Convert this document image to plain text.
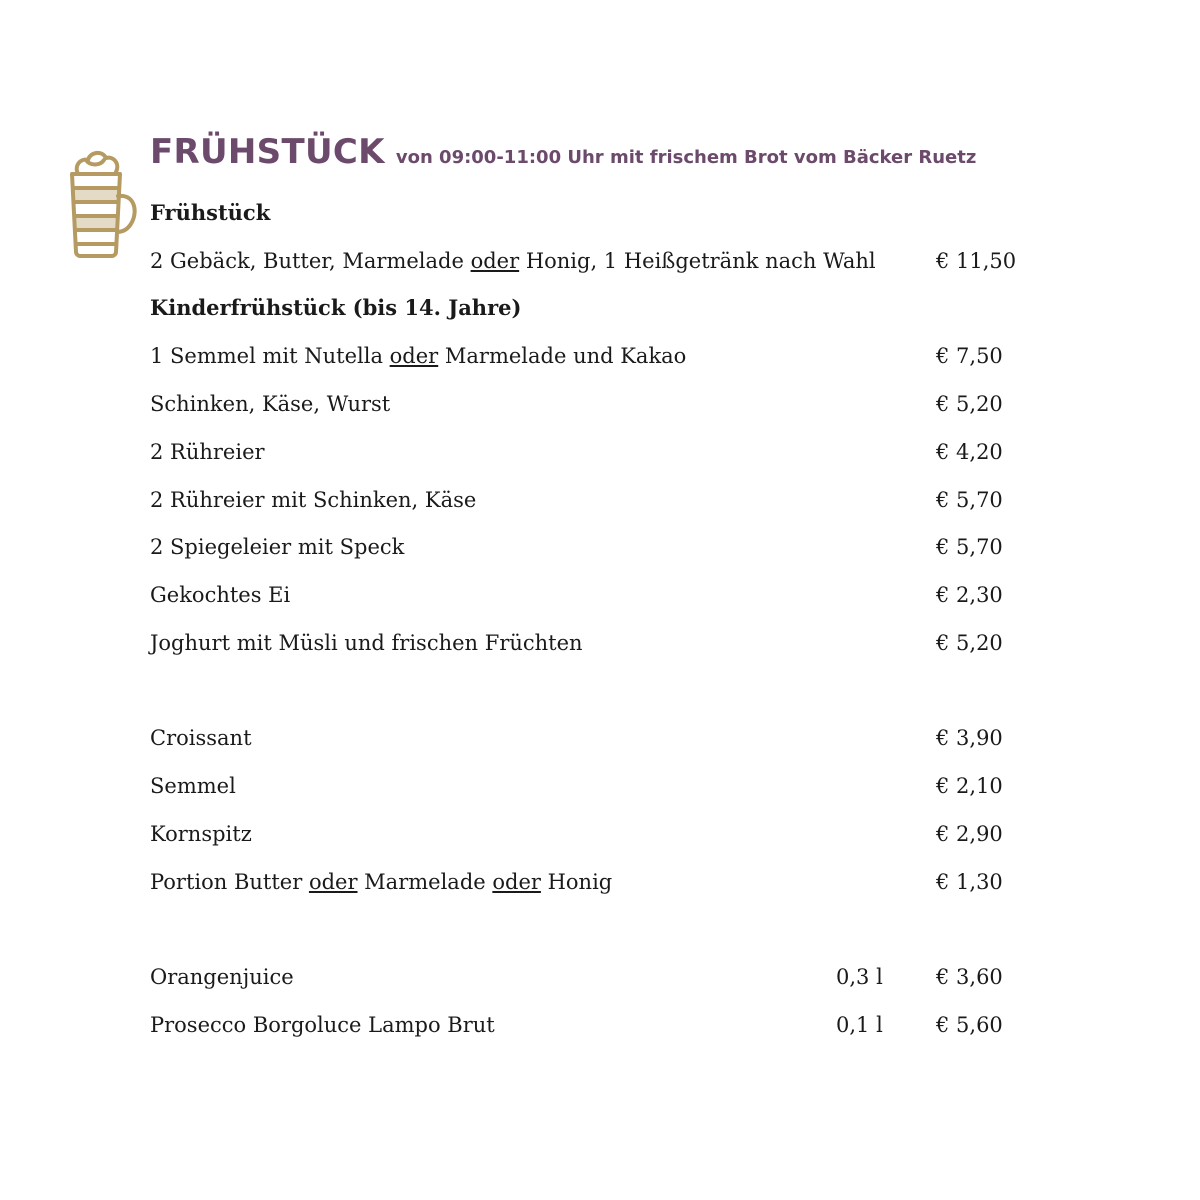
FRÜHSTÜCK von 09:00-11:00 Uhr mit frischem Brot vom Bäcker Ruetz
Frühstück
2 Gebäck, Butter, Marmelade oder Honig, 1 Heißgetränk nach Wahl	€ 11,50
Kinderfrühstück (bis 14. Jahre)
1 Semmel mit Nutella oder Marmelade und Kakao	€ 7,50
Schinken, Käse, Wurst	€ 5,20
2 Rühreier	€ 4,20
2 Rühreier mit Schinken, Käse	€ 5,70
2 Spiegeleier mit Speck	€ 5,70
Gekochtes Ei	€ 2,30
Joghurt mit Müsli und frischen Früchten	€ 5,20
Croissant	€ 3,90
Semmel	€ 2,10
Kornspitz	€ 2,90
Portion Butter oder Marmelade oder Honig	€ 1,30
Orangenjuice	0,3 l	€ 3,60
Prosecco Borgoluce Lampo Brut	0,1 l	€ 5,60
